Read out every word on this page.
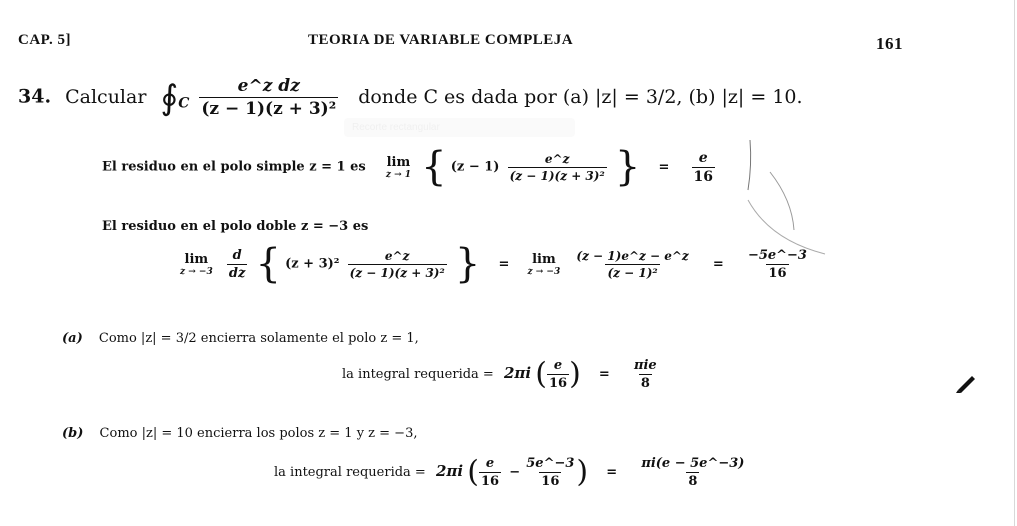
CAP. 5]	TEORIA DE VARIABLE COMPLEJA	161
34. Calcular $∮_C \frac{\text{e\textasciicircum{}z dz}}{\text{(z − 1)(z + 3)²}}$ donde C es dada por (a) |z| = 3/2, (b) |z| = 10.
Recorte rectangular
El residuo en el polo simple z = 1 es lim
z → 1 { $(z - 1) \frac{e\^{}z}{\text{(z − 1)(z + 3)²}}$ } = $\frac{e}{16}$
El residuo en el polo doble z = −3 es
lim
z → −3
$\frac{d}{dz}$ { $(z + 3)^2 \frac{e\^{}z}{\text{(z − 1)(z + 3)²}}$ } = lim
z → −3
$\frac{(z - 1)e\^{}z - e\^{}z}{\text{(z − 1)²}} = \frac{-5e\^{}-3}{16}$
(a) Como |z| = 3/2 encierra solamente el polo z = 1,
la integral requerida = 2πi ( $\frac{e}{16}$ ) = $\frac{\text{πie}}{8}$
(b) Como |z| = 10 encierra los polos z = 1 y z = −3,
la integral requerida = 2πi ( $\frac{e}{16} - \frac{5e\^{}-3}{16}$ ) = $\frac{\pi i(e - 5e\^{}-3)}{8}$
